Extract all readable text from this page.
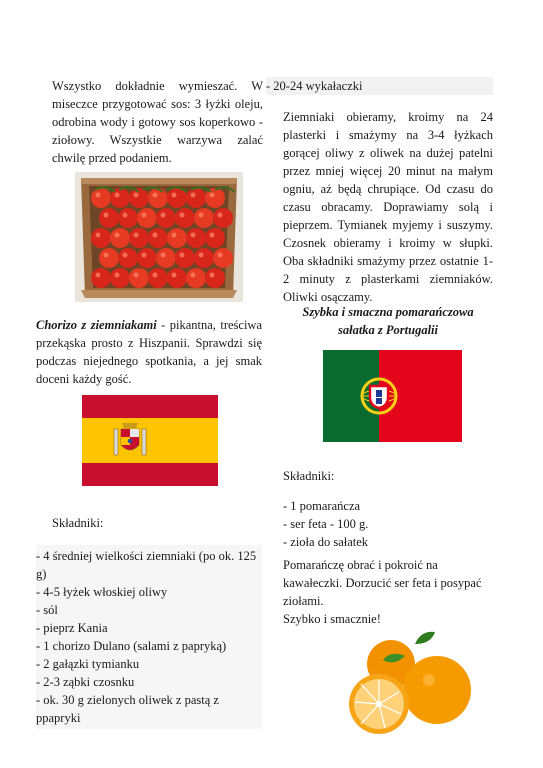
Wszystko dokładnie wymieszać. W miseczce przygotować sos: 3 łyżki oleju, odrobina wody i gotowy sos koperkowo - ziołowy. Wszystkie warzywa zalać chwilę przed podaniem.
Chorizo z ziemniakami - pikantna, treściwa przekąska prosto z Hiszpanii. Sprawdzi się podczas niejednego spotkania, a jej smak doceni każdy gość.
Składniki:
- 4 średniej wielkości ziemniaki (po ok. 125 g)
- 4-5 łyżek włoskiej oliwy
- sól
- pieprz Kania
- 1 chorizo Dulano (salami z papryką)
- 2 gałązki tymianku
- 2-3 ząbki czosnku
- ok. 30 g zielonych oliwek z pastą z ppapryki
- 20-24 wykałaczki
Ziemniaki obieramy, kroimy na 24 plasterki i smażymy na 3-4 łyżkach gorącej oliwy z oliwek na dużej patelni przez mniej więcej 20 minut na małym ogniu, aż będą chrupiące. Od czasu do czasu obracamy. Doprawiamy solą i pieprzem. Tymianek myjemy i suszymy. Czosnek obieramy i kroimy w słupki. Oba składniki smażymy przez ostatnie 1-2 minuty z plasterkami ziemniaków. Oliwki osączamy.
Szybka i smaczna pomarańczowa sałatka z Portugalii
Składniki:
- 1 pomarańcza
- ser feta - 100 g.
- zioła do sałatek
Pomarańczę obrać i pokroić na kawałeczki. Dorzucić ser feta i posypać ziołami.
Szybko i smacznie!
